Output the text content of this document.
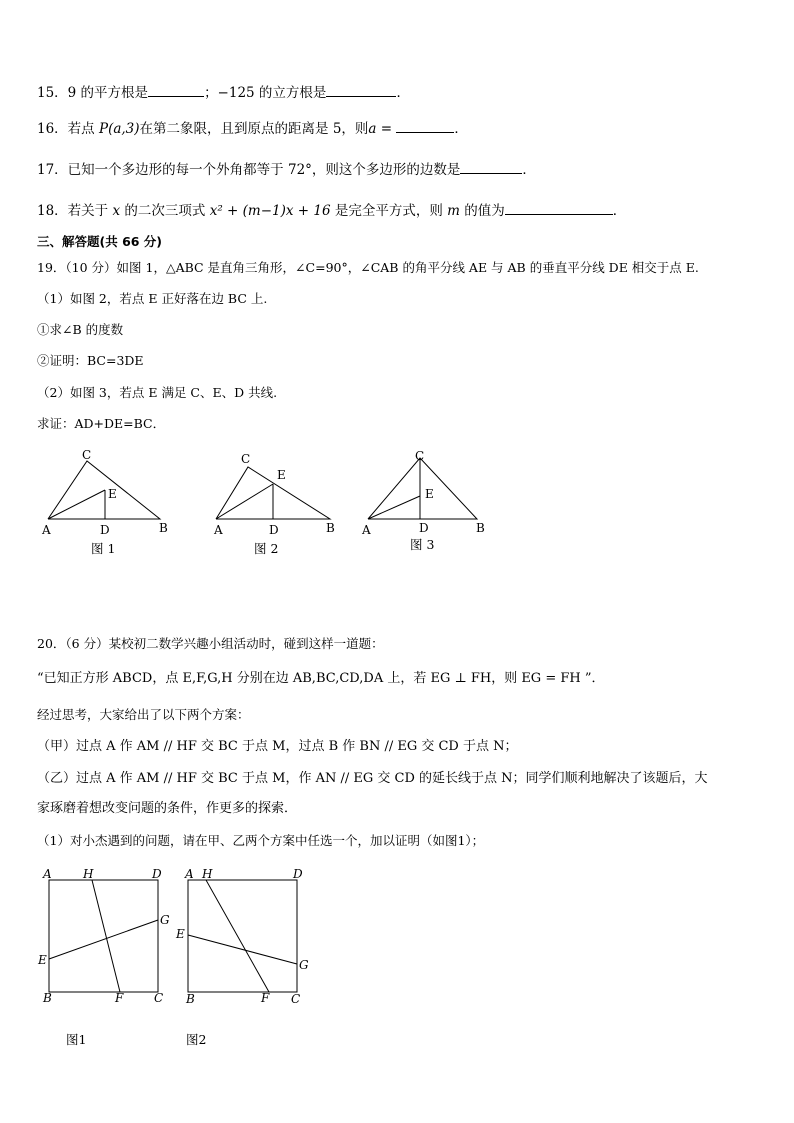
15．9 的平方根是	；−125 的立方根是	．
16．若点 P(a,3)在第二象限，且到原点的距离是 5，则a =	．
17．已知一个多边形的每一个外角都等于 72°，则这个多边形的边数是	．
18．若关于 x 的二次三项式 x² + (m−1)x + 16 是完全平方式，则 m 的值为	．
三、解答题(共 66 分)
19．（10 分）如图 1，△ABC 是直角三角形，∠C=90°，∠CAB 的角平分线 AE 与 AB 的垂直平分线 DE 相交于点 E.
（1）如图 2，若点 E 正好落在边 BC 上.
①求∠B 的度数
②证明：BC=3DE
（2）如图 3，若点 E 满足 C、E、D 共线.
求证：AD+DE=BC．
C
E
A	D	B
图 1
C
E
A	D	B
图 2
C
E
A	D	B
图 3
20．（6 分）某校初二数学兴趣小组活动时，碰到这样一道题：
“已知正方形 ABCD，点 E,F,G,H 分别在边 AB,BC,CD,DA 上，若 EG ⊥ FH，则 EG = FH ”．
经过思考，大家给出了以下两个方案：
（甲）过点 A 作 AM // HF 交 BC 于点 M，过点 B 作 BN // EG 交 CD 于点 N；
（乙）过点 A 作 AM // HF 交 BC 于点 M，作 AN // EG 交 CD 的延长线于点 N；同学们顺利地解决了该题后，大
家琢磨着想改变问题的条件，作更多的探索．
（1）对小杰遇到的问题，请在甲、乙两个方案中任选一个，加以证明（如图1）；
A	H	D
G
E
B	F	C
图1
A H	D
E
G
B	F C
图2
